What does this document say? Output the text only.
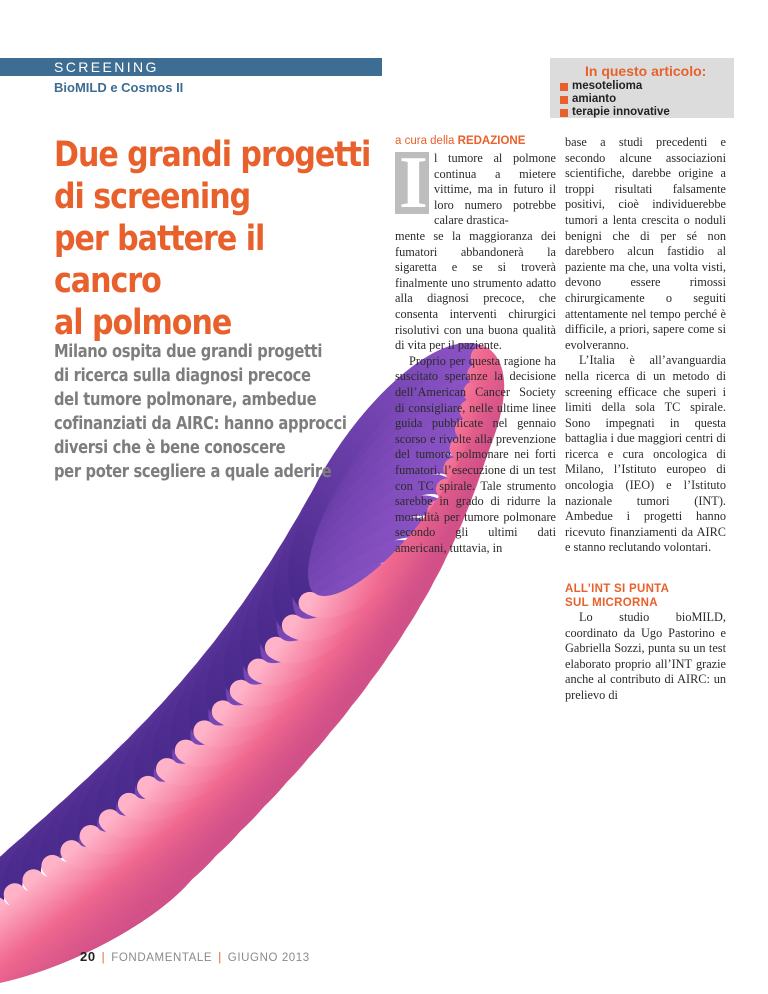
SCREENING
BioMILD e Cosmos II
In questo articolo:
mesotelioma
amianto
terapie innovative
Due grandi progetti
di screening
per battere il cancro
al polmone
Milano ospita due grandi progetti
di ricerca sulla diagnosi precoce
del tumore polmonare, ambedue
cofinanziati da AIRC: hanno approcci
diversi che è bene conoscere
per poter scegliere a quale aderire
a cura della REDAZIONE
I l tumore al polmone continua a mietere vittime, ma in futuro il loro numero potrebbe calare drastica-

mente se la maggioranza dei fumatori abbandonerà la sigaretta e se si troverà finalmente uno strumento adatto alla diagnosi precoce, che consenta interventi chirurgici risolutivi con una buona qualità di vita per il paziente.

Proprio per questa ragione ha suscitato speranze la decisione dell’American Cancer Society di consigliare, nelle ultime linee guida pubblicate nel gennaio scorso e rivolte alla prevenzione del tumore polmonare nei forti fumatori, l’esecuzione di un test con TC spirale. Tale strumento sarebbe in grado di ridurre la mortalità per tumore polmonare secondo gli ultimi dati americani, tuttavia, in

base a studi precedenti e secondo alcune associazioni scientifiche, darebbe origine a troppi risultati falsamente positivi, cioè individuerebbe tumori a lenta crescita o noduli benigni che di per sé non darebbero alcun fastidio al paziente ma che, una volta visti, devono essere rimossi chirurgicamente o seguiti attentamente nel tempo perché è difficile, a priori, sapere come si evolveranno.

L’Italia è all’avanguardia nella ricerca di un metodo di screening efficace che superi i limiti della sola TC spirale. Sono impegnati in questa battaglia i due maggiori centri di ricerca e cura oncologica di Milano, l’Istituto europeo di oncologia (IEO) e l’Istituto nazionale tumori (INT). Ambedue i progetti hanno ricevuto finanziamenti da AIRC e stanno reclutando volontari.

ALL’INT SI PUNTA
SUL MICRORNA

Lo studio bioMILD, coordinato da Ugo Pastorino e Gabriella Sozzi, punta su un test elaborato proprio all’INT grazie anche al contributo di AIRC: un prelievo di

20 | FONDAMENTALE | GIUGNO 2013
